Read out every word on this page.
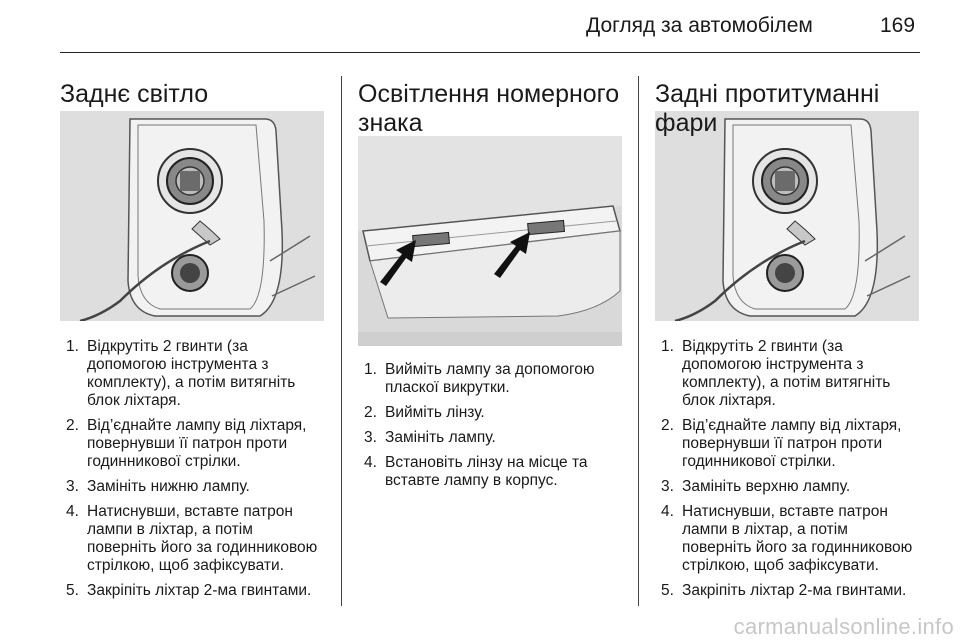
Догляд за автомобілем	169
Заднє світло
1. Відкрутіть 2 гвинти (за допомогою інструмента з комплекту), а потім витягніть блок ліхтаря.
2. Від’єднайте лампу від ліхтаря, повернувши її патрон проти годинникової стрілки.
3. Замініть нижню лампу.
4. Натиснувши, вставте патрон лампи в ліхтар, а потім поверніть його за годинниковою стрілкою, щоб зафіксувати.
5. Закріпіть ліхтар 2-ма гвинтами.
Освітлення номерного знака
1. Вийміть лампу за допомогою пласкої викрутки.
2. Вийміть лінзу.
3. Замініть лампу.
4. Встановіть лінзу на місце та вставте лампу в корпус.
Задні протитуманні фари
1. Відкрутіть 2 гвинти (за допомогою інструмента з комплекту), а потім витягніть блок ліхтаря.
2. Від’єднайте лампу від ліхтаря, повернувши її патрон проти годинникової стрілки.
3. Замініть верхню лампу.
4. Натиснувши, вставте патрон лампи в ліхтар, а потім поверніть його за годинниковою стрілкою, щоб зафіксувати.
5. Закріпіть ліхтар 2-ма гвинтами.
carmanualsonline.info
